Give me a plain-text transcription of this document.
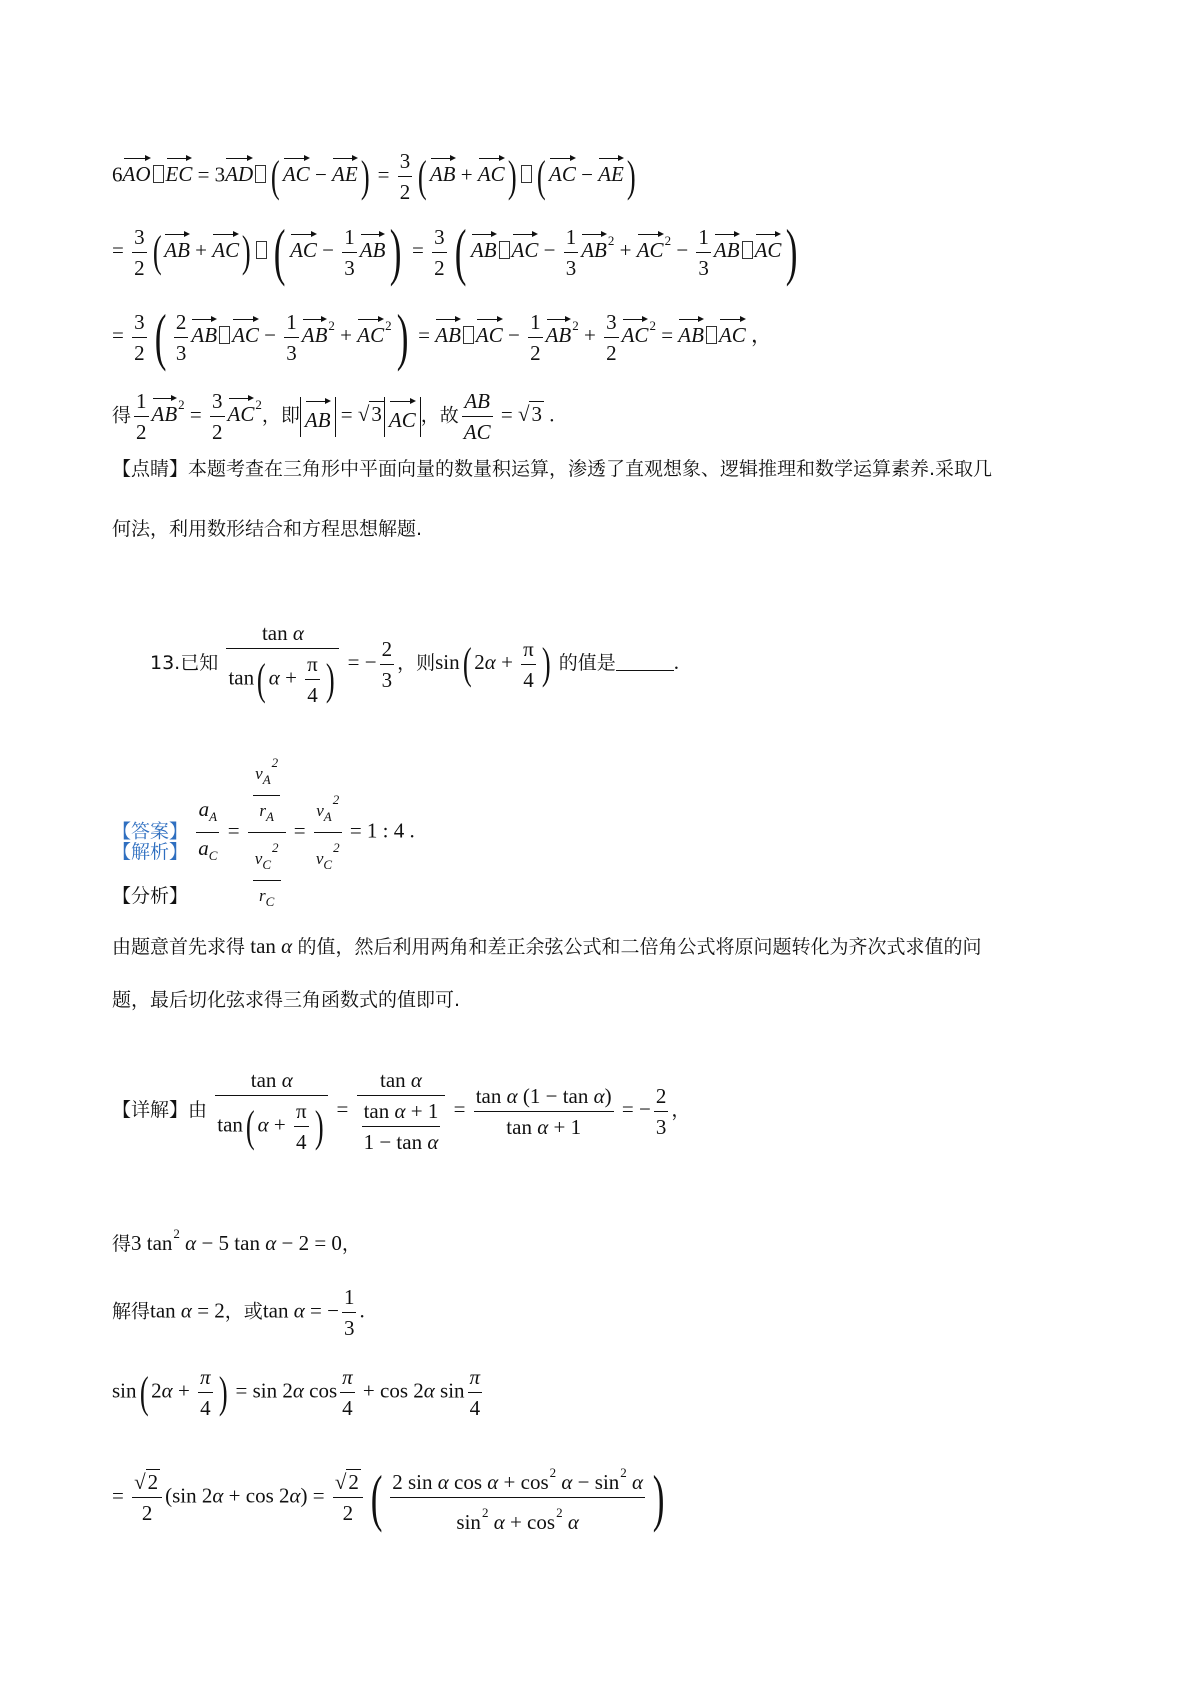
6AO EC = 3AD ( AC − $AE) = \frac{3}{2}$ ( AB + AC) ( AC − AE)
= $\frac{3}{2}$ ( AB + AC) ( AC − $\frac{1}{3} AB) = \frac{3}{2}$ ( AB AC − $\frac{1}{3} AB^2 + AC^2 - \frac{1}{3}$ AB AC)
= $\frac{3}{2}$ ( $\frac{2}{3}$ AB AC − $\frac{1}{3} AB^2 + AC^2$) = AB AC − $\frac{1}{2} AB^2 + \frac{3}{2} AC^2$ = AB AC ，
得 $\frac{1}{2} AB^2 = \frac{3}{2} AC^2$，即 AB = √3 AC ，故 $\frac{AB}{AC} = √3$ .
【点睛】本题考查在三角形中平面向量的数量积运算，渗透了直观想象、逻辑推理和数学运算素养.采取几
何法，利用数形结合和方程思想解题.
13.已知 $\frac{\text{tan α}}{\tan( \alpha + \frac{\pi}{4} )}$ = − $\frac{2}{3}$ ，则sin( $2\alpha + \frac{\pi}{4}$ ) 的值是	.
【答案】 $\frac{a_A}{a_C} = \frac{\frac{v_A^2}{r_A}}{\frac{v_C^2}{r_C}} = \frac{v_A^2}{v_C^2} = 1$ : 4 .
【解析】
【分析】
由题意首先求得 tan α 的值，然后利用两角和差正余弦公式和二倍角公式将原问题转化为齐次式求值的问
题，最后切化弦求得三角函数式的值即可.
【详解】由 $\frac{\text{tan α}}{\tan( \alpha + \frac{\pi}{4} )} = \frac{\text{tan α}}{\frac{\text{tan α + 1}}{\text{1 − tan α}}} = \frac{\text{tan α (1 − tan α)}}{\text{tan α + 1}}$ = − $\frac{2}{3}$ ，
得3 $\tan^2 \alpha - 5$ tan α − 2 = 0，
解得tan α = 2，或tan α = − $\frac{1}{3}$ .
sin( $2\alpha + \frac{\pi}{4}$ ) = sin 2α $\cos \frac{\pi}{4} + \cos 2\alpha$ $\sin \frac{\pi}{4}$
= $\frac{√2}{2} (\sin$ $2\alpha + \cos 2\alpha) = \frac{√2}{2}$ ( $\frac{2 \sin \alpha \cos \alpha + \cos^2 \alpha - \sin^2 \alpha}{\sin^2 \alpha + \cos^2 \alpha}$ )
